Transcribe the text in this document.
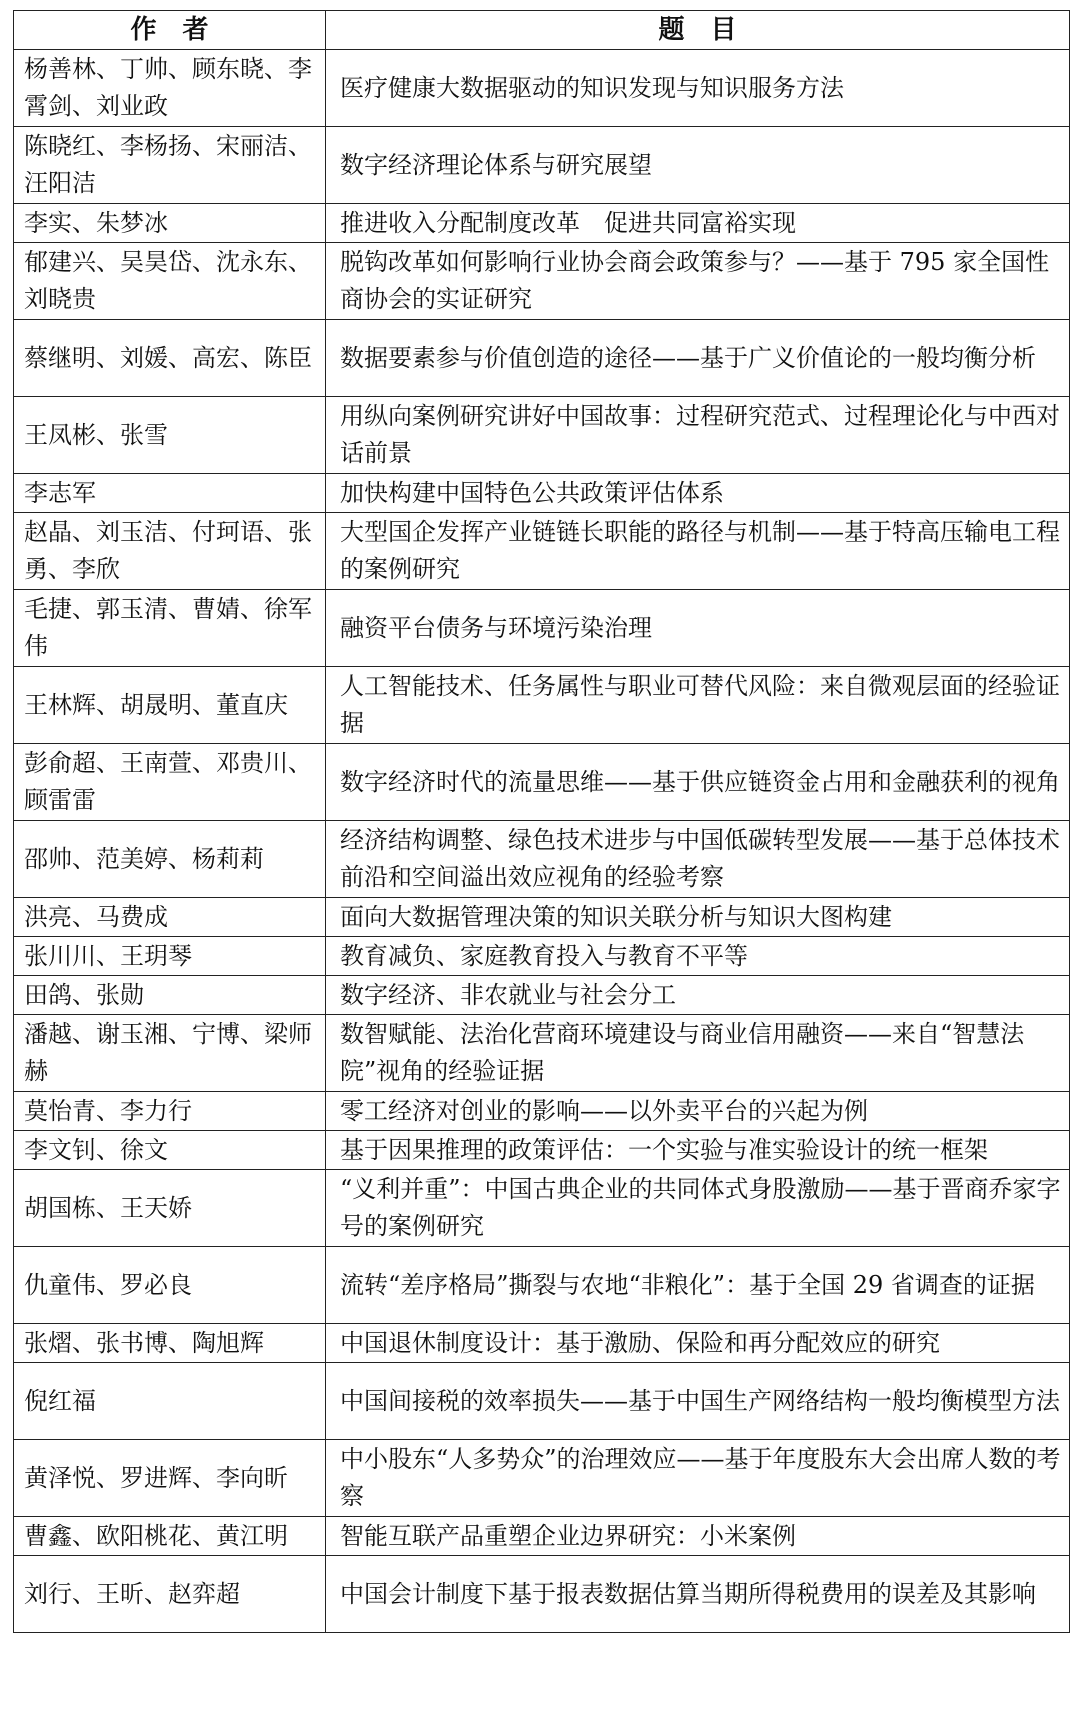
作　者	题　目
杨善林、丁帅、顾东晓、李霄剑、刘业政	医疗健康大数据驱动的知识发现与知识服务方法
陈晓红、李杨扬、宋丽洁、汪阳洁	数字经济理论体系与研究展望
李实、朱梦冰	推进收入分配制度改革　促进共同富裕实现
郁建兴、吴昊岱、沈永东、刘晓贵	脱钩改革如何影响行业协会商会政策参与？——基于 795 家全国性商协会的实证研究
蔡继明、刘媛、高宏、陈臣	数据要素参与价值创造的途径——基于广义价值论的一般均衡分析
王凤彬、张雪	用纵向案例研究讲好中国故事：过程研究范式、过程理论化与中西对话前景
李志军	加快构建中国特色公共政策评估体系
赵晶、刘玉洁、付珂语、张勇、李欣	大型国企发挥产业链链长职能的路径与机制——基于特高压输电工程的案例研究
毛捷、郭玉清、曹婧、徐军伟	融资平台债务与环境污染治理
王林辉、胡晟明、董直庆	人工智能技术、任务属性与职业可替代风险：来自微观层面的经验证据
彭俞超、王南萱、邓贵川、顾雷雷	数字经济时代的流量思维——基于供应链资金占用和金融获利的视角
邵帅、范美婷、杨莉莉	经济结构调整、绿色技术进步与中国低碳转型发展——基于总体技术前沿和空间溢出效应视角的经验考察
洪亮、马费成	面向大数据管理决策的知识关联分析与知识大图构建
张川川、王玥琴	教育减负、家庭教育投入与教育不平等
田鸽、张勋	数字经济、非农就业与社会分工
潘越、谢玉湘、宁博、梁师赫	数智赋能、法治化营商环境建设与商业信用融资——来自“智慧法院”视角的经验证据
莫怡青、李力行	零工经济对创业的影响——以外卖平台的兴起为例
李文钊、徐文	基于因果推理的政策评估：一个实验与准实验设计的统一框架
胡国栋、王天娇	“义利并重”：中国古典企业的共同体式身股激励——基于晋商乔家字号的案例研究
仇童伟、罗必良	流转“差序格局”撕裂与农地“非粮化”：基于全国 29 省调查的证据
张熠、张书博、陶旭辉	中国退休制度设计：基于激励、保险和再分配效应的研究
倪红福	中国间接税的效率损失——基于中国生产网络结构一般均衡模型方法
黄泽悦、罗进辉、李向昕	中小股东“人多势众”的治理效应——基于年度股东大会出席人数的考察
曹鑫、欧阳桃花、黄江明	智能互联产品重塑企业边界研究：小米案例
刘行、王昕、赵弈超	中国会计制度下基于报表数据估算当期所得税费用的误差及其影响
